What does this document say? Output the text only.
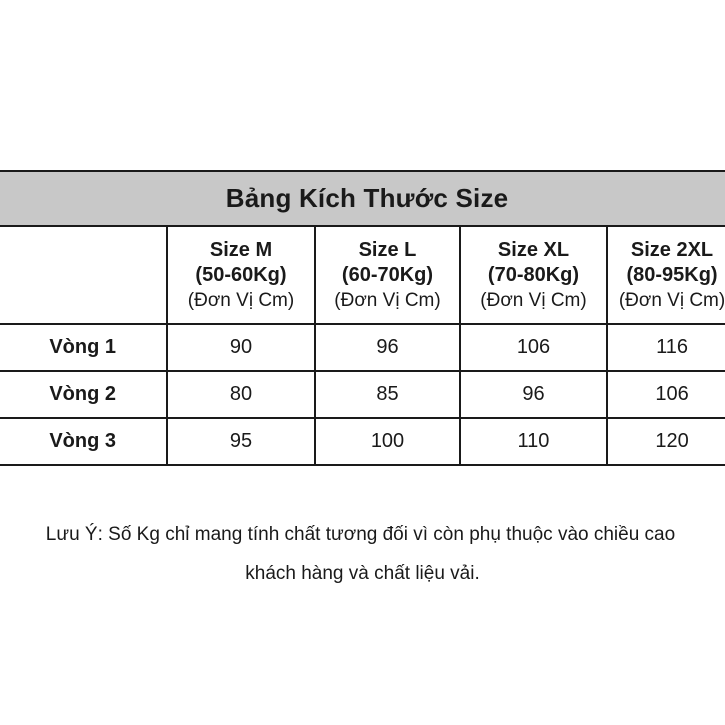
Bảng Kích Thước Size				

	Size M
(50-60Kg)
(Đơn Vị Cm)	Size L
(60-70Kg)
(Đơn Vị Cm)	Size XL
(70-80Kg)
(Đơn Vị Cm)	Size 2XL
(80-95Kg)
(Đơn Vị Cm)

Vòng 1	90	96	106	116
Vòng 2	80	85	96	106
Vòng 3	95	100	110	120
Lưu Ý: Số Kg chỉ mang tính chất tương đối vì còn phụ thuộc vào chiều cao
khách hàng và chất liệu vải.
